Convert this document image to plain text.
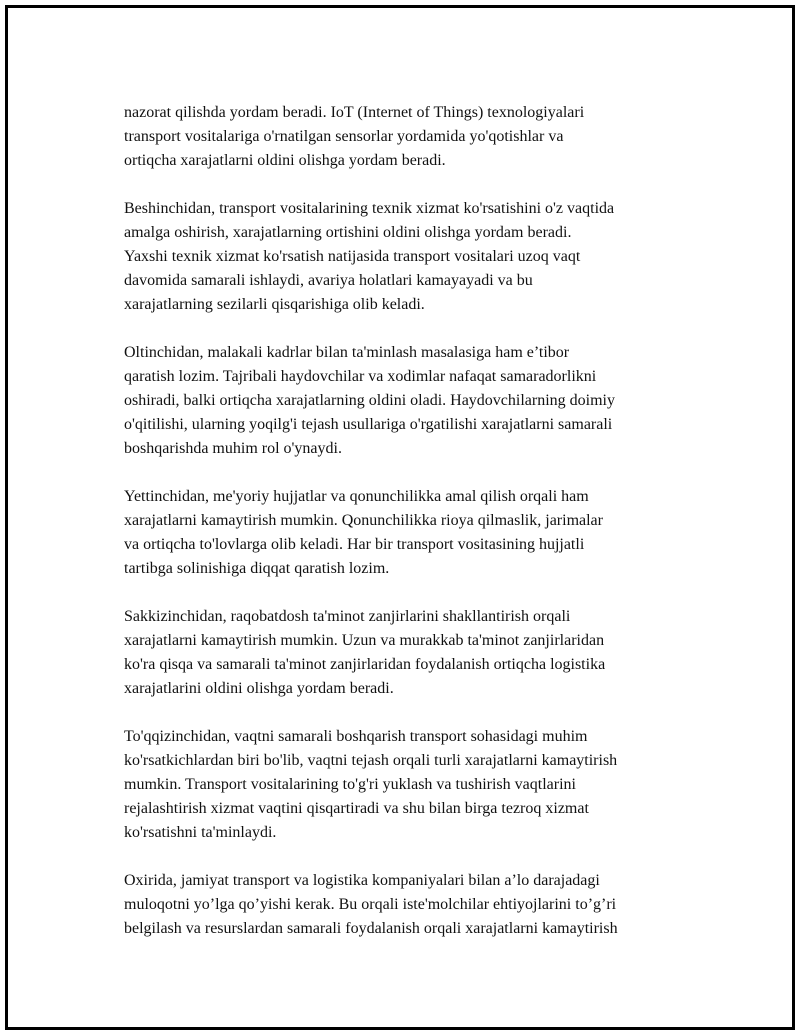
nazorat qilishda yordam beradi. IoT (Internet of Things) texnologiyalari
transport vositalariga o'rnatilgan sensorlar yordamida yo'qotishlar va
ortiqcha xarajatlarni oldini olishga yordam beradi.

Beshinchidan, transport vositalarining texnik xizmat ko'rsatishini o'z vaqtida
amalga oshirish, xarajatlarning ortishini oldini olishga yordam beradi.
Yaxshi texnik xizmat ko'rsatish natijasida transport vositalari uzoq vaqt
davomida samarali ishlaydi, avariya holatlari kamayayadi va bu
xarajatlarning sezilarli qisqarishiga olib keladi.

Oltinchidan, malakali kadrlar bilan ta'minlash masalasiga ham e’tibor
qaratish lozim. Tajribali haydovchilar va xodimlar nafaqat samaradorlikni
oshiradi, balki ortiqcha xarajatlarning oldini oladi. Haydovchilarning doimiy
o'qitilishi, ularning yoqilg'i tejash usullariga o'rgatilishi xarajatlarni samarali
boshqarishda muhim rol o'ynaydi.

Yettinchidan, me'yoriy hujjatlar va qonunchilikka amal qilish orqali ham
xarajatlarni kamaytirish mumkin. Qonunchilikka rioya qilmaslik, jarimalar
va ortiqcha to'lovlarga olib keladi. Har bir transport vositasining hujjatli
tartibga solinishiga diqqat qaratish lozim.

Sakkizinchidan, raqobatdosh ta'minot zanjirlarini shakllantirish orqali
xarajatlarni kamaytirish mumkin. Uzun va murakkab ta'minot zanjirlaridan
ko'ra qisqa va samarali ta'minot zanjirlaridan foydalanish ortiqcha logistika
xarajatlarini oldini olishga yordam beradi.

To'qqizinchidan, vaqtni samarali boshqarish transport sohasidagi muhim
ko'rsatkichlardan biri bo'lib, vaqtni tejash orqali turli xarajatlarni kamaytirish
mumkin. Transport vositalarining to'g'ri yuklash va tushirish vaqtlarini
rejalashtirish xizmat vaqtini qisqartiradi va shu bilan birga tezroq xizmat
ko'rsatishni ta'minlaydi.

Oxirida, jamiyat transport va logistika kompaniyalari bilan a’lo darajadagi
muloqotni yo’lga qo’yishi kerak. Bu orqali iste'molchilar ehtiyojlarini to’g’ri
belgilash va resurslardan samarali foydalanish orqali xarajatlarni kamaytirish
